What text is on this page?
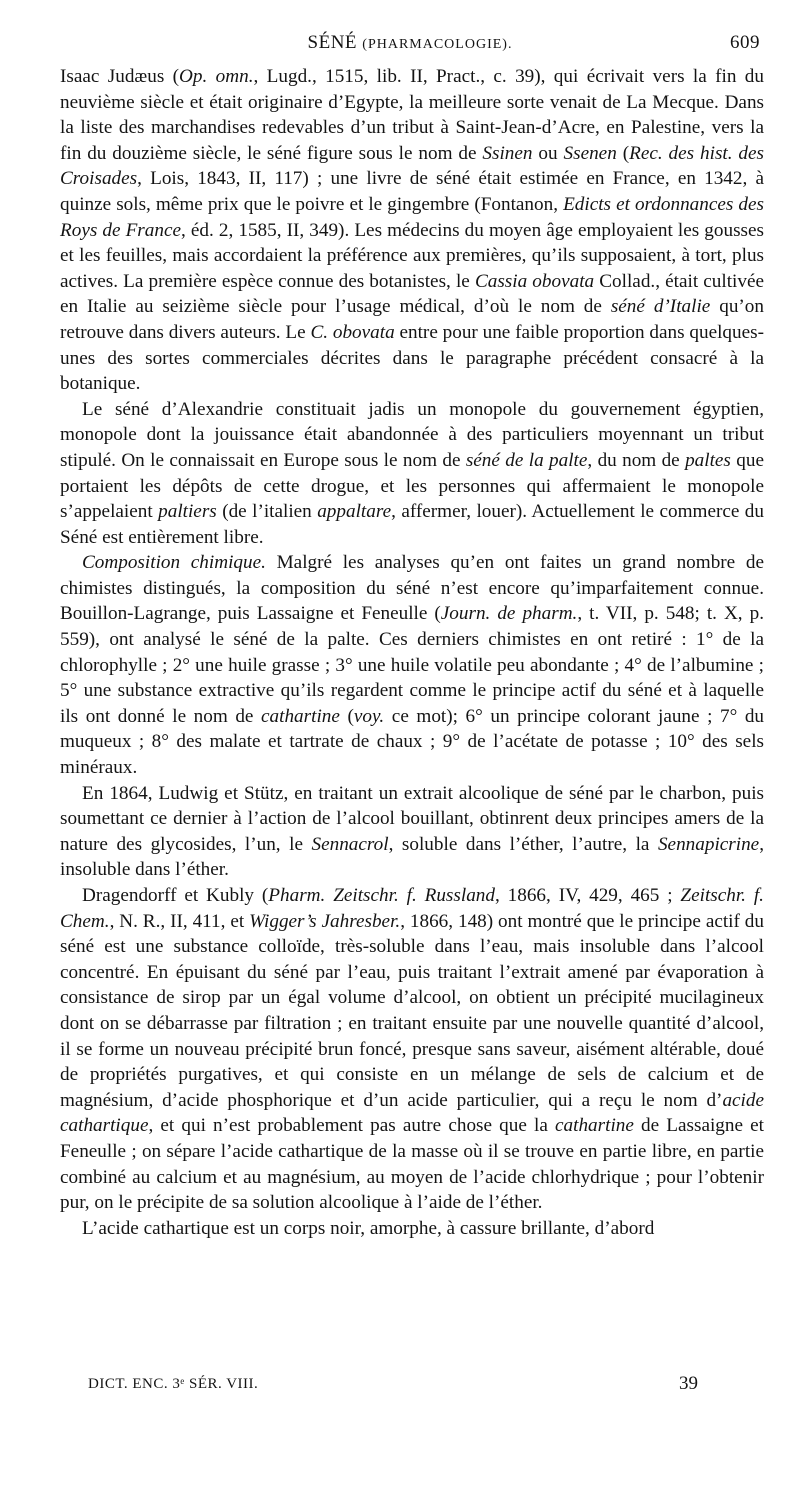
SÉNÉ (PHARMACOLOGIE).	609

Isaac Judæus (Op. omn., Lugd., 1515, lib. II, Pract., c. 39), qui écrivait vers la fin du neuvième siècle et était originaire d’Egypte, la meilleure sorte venait de La Mecque. Dans la liste des marchandises redevables d’un tribut à Saint-Jean-d’Acre, en Palestine, vers la fin du douzième siècle, le séné figure sous le nom de Ssinen ou Ssenen (Rec. des hist. des Croisades, Lois, 1843, II, 117) ; une livre de séné était estimée en France, en 1342, à quinze sols, même prix que le poivre et le gingembre (Fontanon, Edicts et ordonnances des Roys de France, éd. 2, 1585, II, 349). Les médecins du moyen âge employaient les gousses et les feuilles, mais accordaient la préférence aux premières, qu’ils supposaient, à tort, plus actives. La première espèce connue des botanistes, le Cassia obovata Collad., était cultivée en Italie au seizième siècle pour l’usage médical, d’où le nom de séné d’Italie qu’on retrouve dans divers auteurs. Le C. obovata entre pour une faible proportion dans quelques-unes des sortes commerciales décrites dans le paragraphe précédent consacré à la botanique.

Le séné d’Alexandrie constituait jadis un monopole du gouvernement égyptien, monopole dont la jouissance était abandonnée à des particuliers moyennant un tribut stipulé. On le connaissait en Europe sous le nom de séné de la palte, du nom de paltes que portaient les dépôts de cette drogue, et les personnes qui affermaient le monopole s’appelaient paltiers (de l’italien appaltare, affermer, louer). Actuellement le commerce du Séné est entièrement libre.

Composition chimique. Malgré les analyses qu’en ont faites un grand nombre de chimistes distingués, la composition du séné n’est encore qu’imparfaitement connue. Bouillon-Lagrange, puis Lassaigne et Feneulle (Journ. de pharm., t. VII, p. 548; t. X, p. 559), ont analysé le séné de la palte. Ces derniers chimistes en ont retiré : 1° de la chlorophylle ; 2° une huile grasse ; 3° une huile volatile peu abondante ; 4° de l’albumine ; 5° une substance extractive qu’ils regardent comme le principe actif du séné et à laquelle ils ont donné le nom de cathartine (voy. ce mot); 6° un principe colorant jaune ; 7° du muqueux ; 8° des malate et tartrate de chaux ; 9° de l’acétate de potasse ; 10° des sels minéraux.

En 1864, Ludwig et Stütz, en traitant un extrait alcoolique de séné par le charbon, puis soumettant ce dernier à l’action de l’alcool bouillant, obtinrent deux principes amers de la nature des glycosides, l’un, le Sennacrol, soluble dans l’éther, l’autre, la Sennapicrine, insoluble dans l’éther.

Dragendorff et Kubly (Pharm. Zeitschr. f. Russland, 1866, IV, 429, 465 ; Zeitschr. f. Chem., N. R., II, 411, et Wigger’s Jahresber., 1866, 148) ont montré que le principe actif du séné est une substance colloïde, très-soluble dans l’eau, mais insoluble dans l’alcool concentré. En épuisant du séné par l’eau, puis traitant l’extrait amené par évaporation à consistance de sirop par un égal volume d’alcool, on obtient un précipité mucilagineux dont on se débarrasse par filtration ; en traitant ensuite par une nouvelle quantité d’alcool, il se forme un nouveau précipité brun foncé, presque sans saveur, aisément altérable, doué de propriétés purgatives, et qui consiste en un mélange de sels de calcium et de magnésium, d’acide phosphorique et d’un acide particulier, qui a reçu le nom d’acide cathartique, et qui n’est probablement pas autre chose que la cathartine de Lassaigne et Feneulle ; on sépare l’acide cathartique de la masse où il se trouve en partie libre, en partie combiné au calcium et au magnésium, au moyen de l’acide chlorhydrique ; pour l’obtenir pur, on le précipite de sa solution alcoolique à l’aide de l’éther.

L’acide cathartique est un corps noir, amorphe, à cassure brillante, d’abord

DICT. ENC. 3ᵉ SÉR. VIII.	39
